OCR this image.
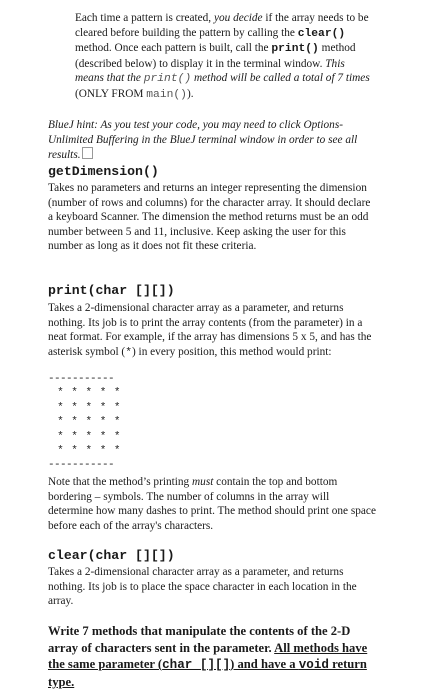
Each time a pattern is created, you decide if the array needs to be cleared before building the pattern by calling the clear() method. Once each pattern is built, call the print() method (described below) to display it in the terminal window. This means that the print() method will be called a total of 7 times (ONLY FROM main()).
BlueJ hint: As you test your code, you may need to click Options-Unlimited Buffering in the BlueJ terminal window in order to see all results.
getDimension()
Takes no parameters and returns an integer representing the dimension (number of rows and columns) for the character array. It should declare a keyboard Scanner. The dimension the method returns must be an odd number between 5 and 11, inclusive. Keep asking the user for this number as long as it does not fit these criteria.
print(char [][])
Takes a 2-dimensional character array as a parameter, and returns nothing. Its job is to print the array contents (from the parameter) in a neat format. For example, if the array has dimensions 5 x 5, and has the asterisk symbol (*) in every position, this method would print:
-----------
* * * * *
* * * * *
* * * * *
* * * * *
* * * * *
-----------
Note that the method’s printing must contain the top and bottom bordering – symbols. The number of columns in the array will determine how many dashes to print. The method should print one space before each of the array's characters.
clear(char [][])
Takes a 2-dimensional character array as a parameter, and returns nothing. Its job is to place the space character in each location in the array.
Write 7 methods that manipulate the contents of the 2-D array of characters sent in the parameter. All methods have the same parameter (char [][]) and have a void return type.
